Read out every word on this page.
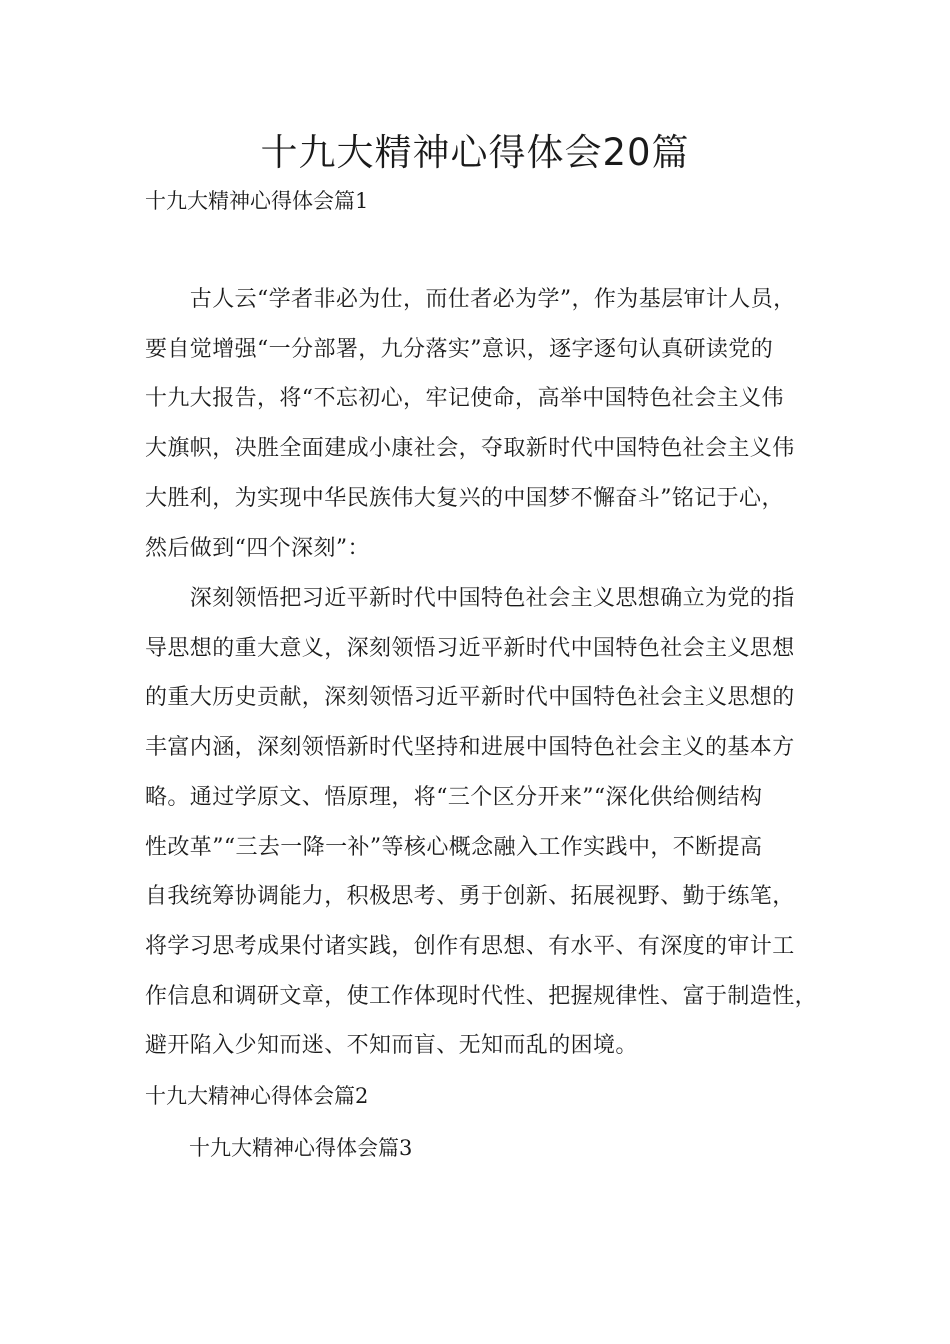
十九大精神心得体会20篇
十九大精神心得体会篇1
　　古人云“学者非必为仕，而仕者必为学”，作为基层审计人员，
要自觉增强“一分部署，九分落实”意识，逐字逐句认真研读党的
十九大报告，将“不忘初心，牢记使命，高举中国特色社会主义伟
大旗帜，决胜全面建成小康社会，夺取新时代中国特色社会主义伟
大胜利，为实现中华民族伟大复兴的中国梦不懈奋斗”铭记于心，
然后做到“四个深刻”：
　　深刻领悟把习近平新时代中国特色社会主义思想确立为党的指
导思想的重大意义，深刻领悟习近平新时代中国特色社会主义思想
的重大历史贡献，深刻领悟习近平新时代中国特色社会主义思想的
丰富内涵，深刻领悟新时代坚持和进展中国特色社会主义的基本方
略。通过学原文、悟原理，将“三个区分开来”“深化供给侧结构
性改革”“三去一降一补”等核心概念融入工作实践中，不断提高
自我统筹协调能力，积极思考、勇于创新、拓展视野、勤于练笔，
将学习思考成果付诸实践，创作有思想、有水平、有深度的审计工
作信息和调研文章，使工作体现时代性、把握规律性、富于制造性，
避开陷入少知而迷、不知而盲、无知而乱的困境。
十九大精神心得体会篇2
十九大精神心得体会篇3
